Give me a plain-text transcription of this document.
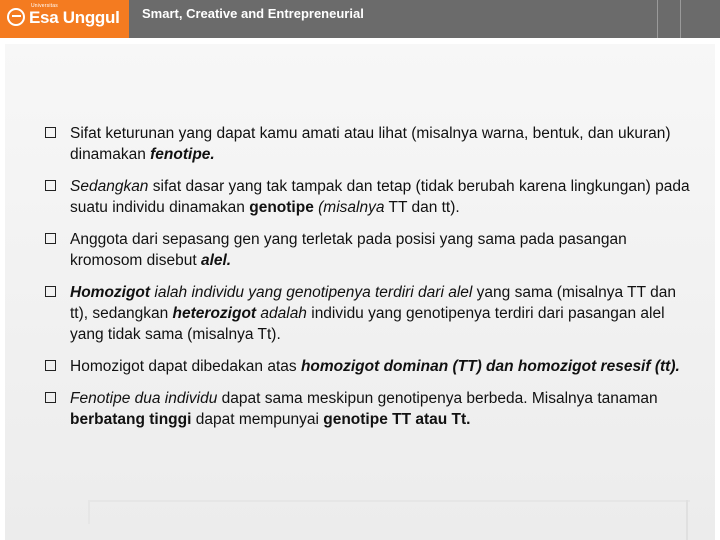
Universitas
Esa Unggul Smart, Creative and Entrepreneurial
Sifat keturunan yang dapat kamu amati atau lihat (misalnya warna, bentuk, dan ukuran) dinamakan fenotipe.
Sedangkan sifat dasar yang tak tampak dan tetap (tidak berubah karena lingkungan) pada suatu individu dinamakan genotipe (misalnya TT dan tt).
Anggota dari sepasang gen yang terletak pada posisi yang sama pada pasangan kromosom disebut alel.
Homozigot ialah individu yang genotipenya terdiri dari alel yang sama (misalnya TT dan tt), sedangkan heterozigot adalah individu yang genotipenya terdiri dari pasangan alel yang tidak sama (misalnya Tt).
Homozigot dapat dibedakan atas homozigot dominan (TT) dan homozigot resesif (tt).
Fenotipe dua individu dapat sama meskipun genotipenya berbeda. Misalnya tanaman berbatang tinggi dapat mempunyai genotipe TT atau Tt.
